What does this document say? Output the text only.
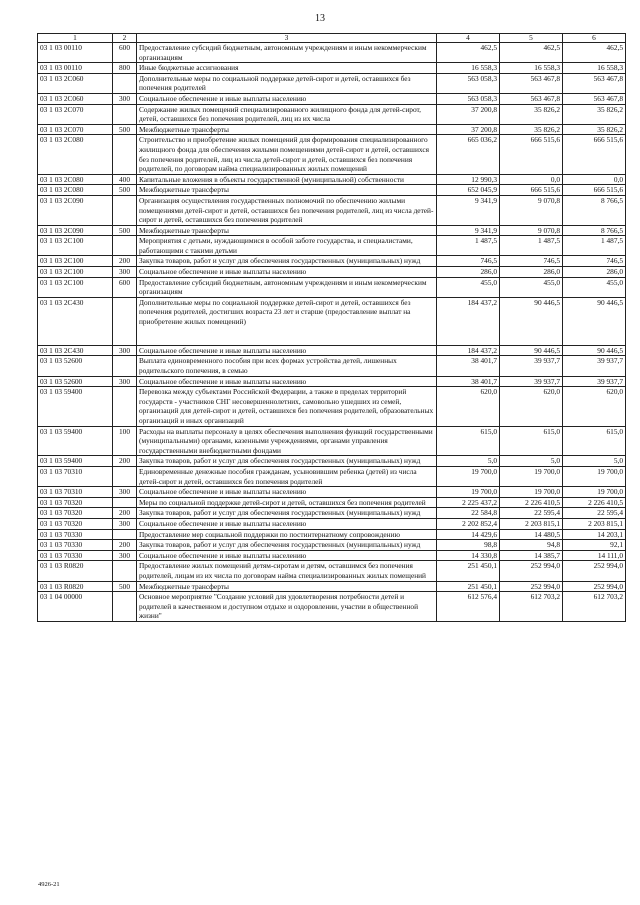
13
1	2	3	4	5	6
03 1 03 00110	600	Предоставление субсидий бюджетным, автономным учреждениям и иным некоммерческим организациям	462,5	462,5	462,5
03 1 03 00110	800	Иные бюджетные ассигнования	16 558,3	16 558,3	16 558,3
03 1 03 2С060		Дополнительные меры по социальной поддержке детей-сирот и детей, оставшихся без попечения родителей	563 058,3	563 467,8	563 467,8
03 1 03 2С060	300	Социальное обеспечение и иные выплаты населению	563 058,3	563 467,8	563 467,8
03 1 03 2С070		Содержание жилых помещений специализированного жилищного фонда для детей-сирот, детей, оставшихся без попечения родителей, лиц из их числа	37 200,8	35 826,2	35 826,2
03 1 03 2С070	500	Межбюджетные трансферты	37 200,8	35 826,2	35 826,2
03 1 03 2С080		Строительство и приобретение жилых помещений для формирования специализированного жилищного фонда для обеспечения жилыми помещениями детей-сирот и детей, оставшихся без попечения родителей, лиц из числа детей-сирот и детей, оставшихся без попечения родителей, по договорам найма специализированных жилых помещений	665 036,2	666 515,6	666 515,6
03 1 03 2С080	400	Капитальные вложения в объекты государственной (муниципальной) собственности	12 990,3	0,0	0,0
03 1 03 2С080	500	Межбюджетные трансферты	652 045,9	666 515,6	666 515,6
03 1 03 2С090		Организация осуществления государственных полномочий по обеспечению жилыми помещениями детей-сирот и детей, оставшихся без попечения родителей, лиц из числа детей-сирот и детей, оставшихся без попечения родителей	9 341,9	9 070,8	8 766,5
03 1 03 2С090	500	Межбюджетные трансферты	9 341,9	9 070,8	8 766,5
03 1 03 2С100		Мероприятия с детьми, нуждающимися в особой заботе государства, и специалистами, работающими с такими детьми	1 487,5	1 487,5	1 487,5
03 1 03 2С100	200	Закупка товаров, работ и услуг для обеспечения государственных (муниципальных) нужд	746,5	746,5	746,5
03 1 03 2С100	300	Социальное обеспечение и иные выплаты населению	286,0	286,0	286,0
03 1 03 2С100	600	Предоставление субсидий бюджетным, автономным учреждениям и иным некоммерческим организациям	455,0	455,0	455,0
03 1 03 2С430		Дополнительные меры по социальной поддержке детей-сирот и детей, оставшихся без попечения родителей, достигших возраста 23 лет и старше (предоставление выплат на приобретение жилых помещений)	184 437,2	90 446,5	90 446,5
03 1 03 2С430	300	Социальное обеспечение и иные выплаты населению	184 437,2	90 446,5	90 446,5
03 1 03 52600		Выплата единовременного пособия при всех формах устройства детей, лишенных родительского попечения, в семью	38 401,7	39 937,7	39 937,7
03 1 03 52600	300	Социальное обеспечение и иные выплаты населению	38 401,7	39 937,7	39 937,7
03 1 03 59400		Перевозка между субъектами Российской Федерации, а также в пределах территорий государств - участников СНГ несовершеннолетних, самовольно ушедших из семей, организаций для детей-сирот и детей, оставшихся без попечения родителей, образовательных организаций и иных организаций	620,0	620,0	620,0
03 1 03 59400	100	Расходы на выплаты персоналу в целях обеспечения выполнения функций государственными (муниципальными) органами, казенными учреждениями, органами управления государственными внебюджетными фондами	615,0	615,0	615,0
03 1 03 59400	200	Закупка товаров, работ и услуг для обеспечения государственных (муниципальных) нужд	5,0	5,0	5,0
03 1 03 70310		Единовременные денежные пособия гражданам, усыновившим ребенка (детей) из числа детей-сирот и детей, оставшихся без попечения родителей	19 700,0	19 700,0	19 700,0
03 1 03 70310	300	Социальное обеспечение и иные выплаты населению	19 700,0	19 700,0	19 700,0
03 1 03 70320		Меры по социальной поддержке детей-сирот и детей, оставшихся без попечения родителей	2 225 437,2	2 226 410,5	2 226 410,5
03 1 03 70320	200	Закупка товаров, работ и услуг для обеспечения государственных (муниципальных) нужд	22 584,8	22 595,4	22 595,4
03 1 03 70320	300	Социальное обеспечение и иные выплаты населению	2 202 852,4	2 203 815,1	2 203 815,1
03 1 03 70330		Предоставление мер социальной поддержки по постинтернатному сопровождению	14 429,6	14 480,5	14 203,1
03 1 03 70330	200	Закупка товаров, работ и услуг для обеспечения государственных (муниципальных) нужд	98,8	94,8	92,1
03 1 03 70330	300	Социальное обеспечение и иные выплаты населению	14 330,8	14 385,7	14 111,0
03 1 03 R0820		Предоставление жилых помещений детям-сиротам и детям, оставшимся без попечения родителей, лицам из их числа по договорам найма специализированных жилых помещений	251 450,1	252 994,0	252 994,0
03 1 03 R0820	500	Межбюджетные трансферты	251 450,1	252 994,0	252 994,0
03 1 04 00000		Основное мероприятие "Создание условий для удовлетворения потребности детей и родителей в качественном и доступном отдыхе и оздоровлении, участии в общественной жизни"	612 576,4	612 703,2	612 703,2
4926-21
